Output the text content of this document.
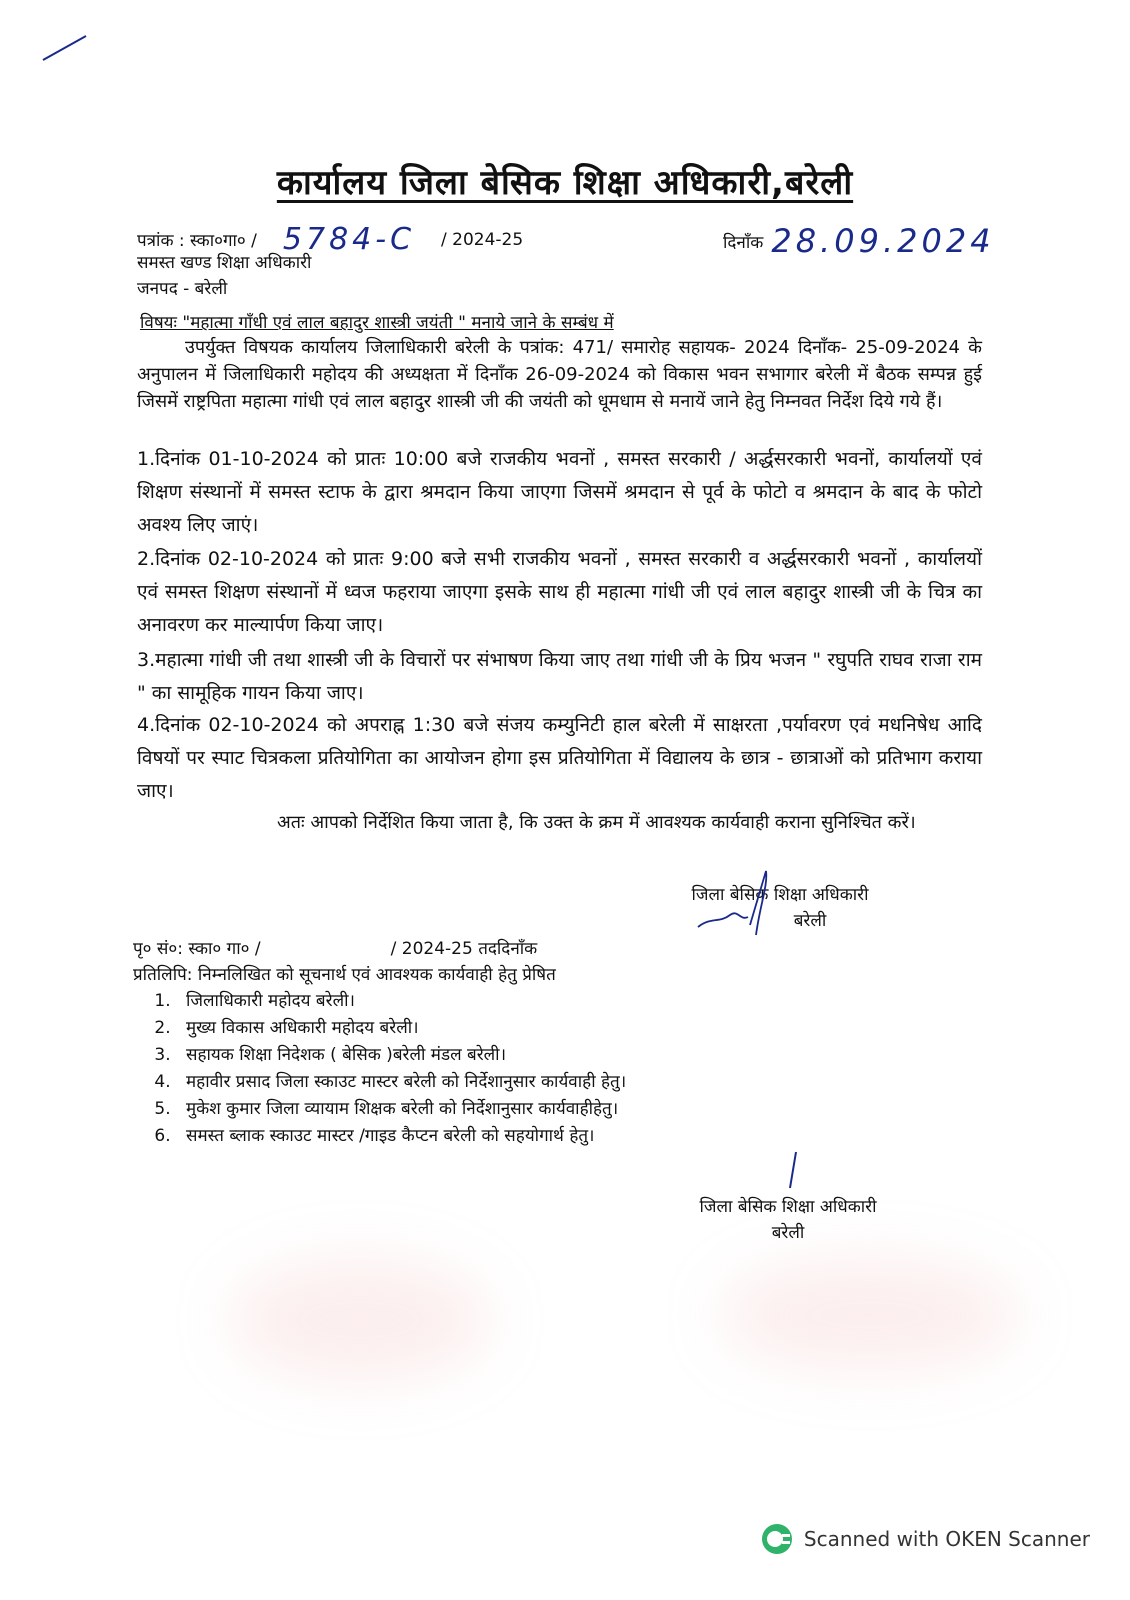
कार्यालय जिला बेसिक शिक्षा अधिकारी,बरेली
पत्रांक : स्का०गा० / 5784-C / 2024-25	दिनाँक 28.09.2024
समस्त खण्ड शिक्षा अधिकारी
जनपद - बरेली
विषयः "महात्मा गाँधी एवं लाल बहादुर शास्त्री जयंती " मनाये जाने के सम्बंध में
उपर्युक्त विषयक कार्यालय जिलाधिकारी बरेली के पत्रांक: 471/ समारोह सहायक- 2024 दिनाँक- 25-09-2024 के अनुपालन में जिलाधिकारी महोदय की अध्यक्षता में दिनाँक 26-09-2024 को विकास भवन सभागार बरेली में बैठक सम्पन्न हुई जिसमें राष्ट्रपिता महात्मा गांधी एवं लाल बहादुर शास्त्री जी की जयंती को धूमधाम से मनायें जाने हेतु निम्नवत निर्देश दिये गये हैं।
1.दिनांक 01-10-2024 को प्रातः 10:00 बजे राजकीय भवनों , समस्त सरकारी / अर्द्धसरकारी भवनों, कार्यालयों एवं शिक्षण संस्थानों में समस्त स्टाफ के द्वारा श्रमदान किया जाएगा जिसमें श्रमदान से पूर्व के फोटो व श्रमदान के बाद के फोटो अवश्य लिए जाएं।
2.दिनांक 02-10-2024 को प्रातः 9:00 बजे सभी राजकीय भवनों , समस्त सरकारी व अर्द्धसरकारी भवनों , कार्यालयों एवं समस्त शिक्षण संस्थानों में ध्वज फहराया जाएगा इसके साथ ही महात्मा गांधी जी एवं लाल बहादुर शास्त्री जी के चित्र का अनावरण कर माल्यार्पण किया जाए।
3.महात्मा गांधी जी तथा शास्त्री जी के विचारों पर संभाषण किया जाए तथा गांधी जी के प्रिय भजन " रघुपति राघव राजा राम " का सामूहिक गायन किया जाए।
4.दिनांक 02-10-2024 को अपराह्न 1:30 बजे संजय कम्युनिटी हाल बरेली में साक्षरता ,पर्यावरण एवं मधनिषेध आदि विषयों पर स्पाट चित्रकला प्रतियोगिता का आयोजन होगा इस प्रतियोगिता में विद्यालय के छात्र - छात्राओं को प्रतिभाग कराया जाए।
अतः आपको निर्देशित किया जाता है, कि उक्त के क्रम में आवश्यक कार्यवाही कराना सुनिश्चित करें।
जिला बेसिक शिक्षा अधिकारी
बरेली
पृ० सं०: स्का० गा० /	/ 2024-25 तददिनाँक
प्रतिलिपि: निम्नलिखित को सूचनार्थ एवं आवश्यक कार्यवाही हेतु प्रेषित
1. जिलाधिकारी महोदय बरेली।
2. मुख्य विकास अधिकारी महोदय बरेली।
3. सहायक शिक्षा निदेशक ( बेसिक )बरेली मंडल बरेली।
4. महावीर प्रसाद जिला स्काउट मास्टर बरेली को निर्देशानुसार कार्यवाही हेतु।
5. मुकेश कुमार जिला व्यायाम शिक्षक बरेली को निर्देशानुसार कार्यवाहीहेतु।
6. समस्त ब्लाक स्काउट मास्टर /गाइड कैप्टन बरेली को सहयोगार्थ हेतु।
जिला बेसिक शिक्षा अधिकारी
बरेली
Scanned with OKEN Scanner
